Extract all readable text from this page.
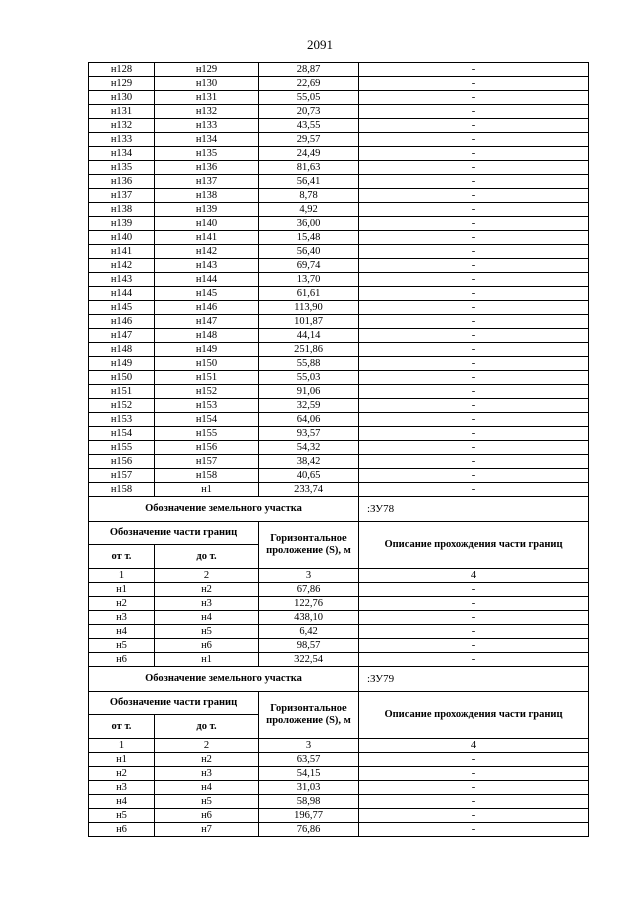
2091
н128	н129	28,87	-
н129	н130	22,69	-
н130	н131	55,05	-
н131	н132	20,73	-
н132	н133	43,55	-
н133	н134	29,57	-
н134	н135	24,49	-
н135	н136	81,63	-
н136	н137	56,41	-
н137	н138	8,78	-
н138	н139	4,92	-
н139	н140	36,00	-
н140	н141	15,48	-
н141	н142	56,40	-
н142	н143	69,74	-
н143	н144	13,70	-
н144	н145	61,61	-
н145	н146	113,90	-
н146	н147	101,87	-
н147	н148	44,14	-
н148	н149	251,86	-
н149	н150	55,88	-
н150	н151	55,03	-
н151	н152	91,06	-
н152	н153	32,59	-
н153	н154	64,06	-
н154	н155	93,57	-
н155	н156	54,32	-
н156	н157	38,42	-
н157	н158	40,65	-
н158	н1	233,74	-
Обозначение земельного участка			:ЗУ78
Обозначение части границ		Горизонтальное проложение (S), м	Описание прохождения части границ
от т.	до т.		
1	2	3	4
н1	н2	67,86	-
н2	н3	122,76	-
н3	н4	438,10	-
н4	н5	6,42	-
н5	н6	98,57	-
н6	н1	322,54	-
Обозначение земельного участка			:ЗУ79
Обозначение части границ		Горизонтальное проложение (S), м	Описание прохождения части границ
от т.	до т.		
1	2	3	4
н1	н2	63,57	-
н2	н3	54,15	-
н3	н4	31,03	-
н4	н5	58,98	-
н5	н6	196,77	-
н6	н7	76,86	-
